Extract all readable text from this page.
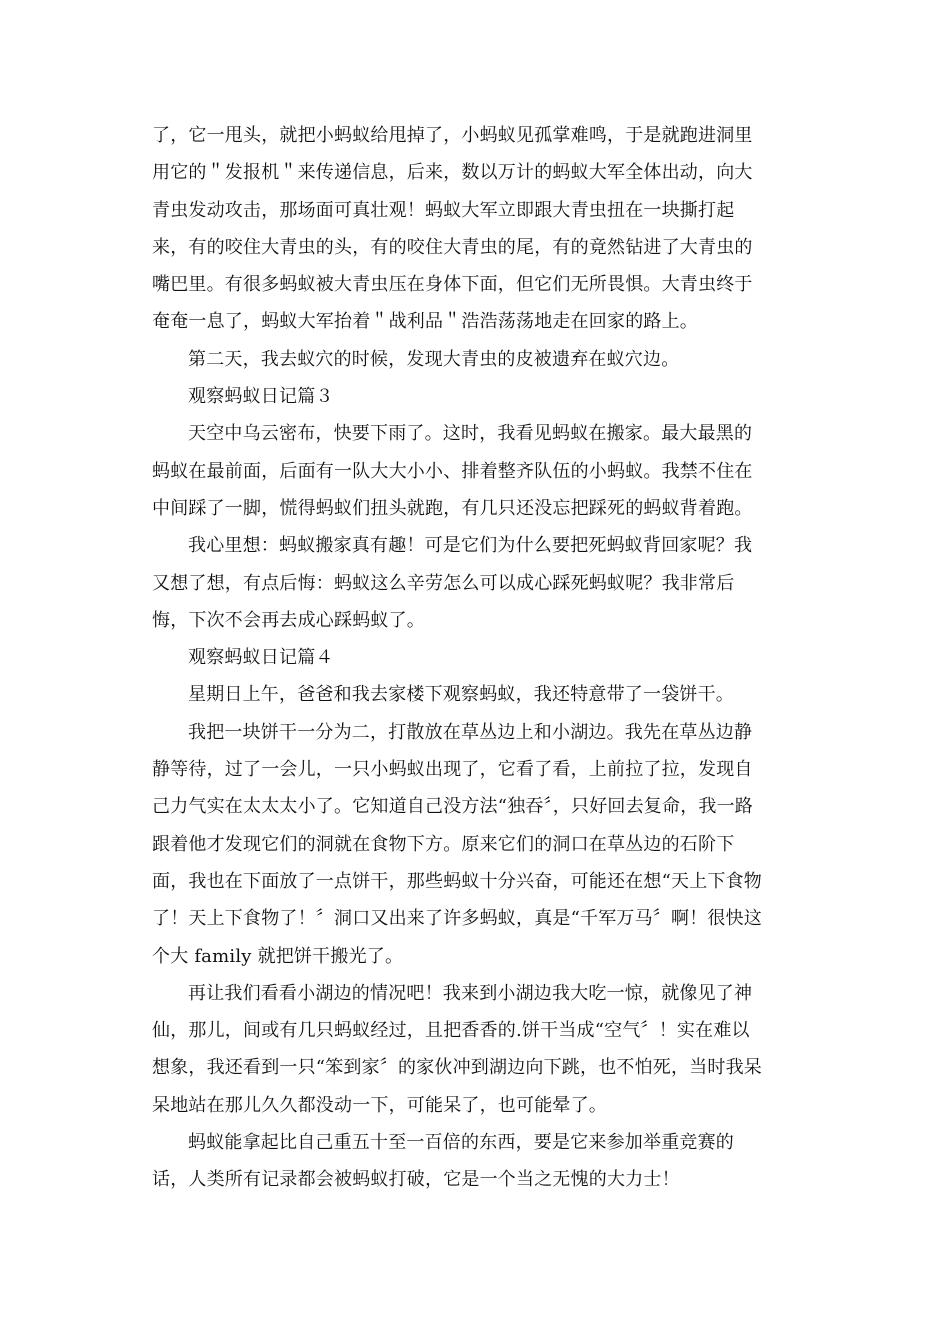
了，它一甩头，就把小蚂蚁给甩掉了，小蚂蚁见孤掌难鸣，于是就跑进洞里
用它的＂发报机＂来传递信息，后来，数以万计的蚂蚁大军全体出动，向大
青虫发动攻击，那场面可真壮观！蚂蚁大军立即跟大青虫扭在一块撕打起
来，有的咬住大青虫的头，有的咬住大青虫的尾，有的竟然钻进了大青虫的
嘴巴里。有很多蚂蚁被大青虫压在身体下面，但它们无所畏惧。大青虫终于
奄奄一息了，蚂蚁大军抬着＂战利品＂浩浩荡荡地走在回家的路上。
第二天，我去蚁穴的时候，发现大青虫的皮被遗弃在蚁穴边。
观察蚂蚁日记篇３
天空中乌云密布，快要下雨了。这时，我看见蚂蚁在搬家。最大最黑的
蚂蚁在最前面，后面有一队大大小小、排着整齐队伍的小蚂蚁。我禁不住在
中间踩了一脚，慌得蚂蚁们扭头就跑，有几只还没忘把踩死的蚂蚁背着跑。
我心里想：蚂蚁搬家真有趣！可是它们为什么要把死蚂蚁背回家呢？我
又想了想，有点后悔：蚂蚁这么辛劳怎么可以成心踩死蚂蚁呢？我非常后
悔，下次不会再去成心踩蚂蚁了。
观察蚂蚁日记篇４
星期日上午，爸爸和我去家楼下观察蚂蚁，我还特意带了一袋饼干。
我把一块饼干一分为二，打散放在草丛边上和小湖边。我先在草丛边静
静等待，过了一会儿，一只小蚂蚁出现了，它看了看，上前拉了拉，发现自
己力气实在太太太小了。它知道自己没方法“独吞〞，只好回去复命，我一路
跟着他才发现它们的洞就在食物下方。原来它们的洞口在草丛边的石阶下
面，我也在下面放了一点饼干，那些蚂蚁十分兴奋，可能还在想“天上下食物
了！天上下食物了！〞洞口又出来了许多蚂蚁，真是“千军万马〞啊！很快这
个大 family 就把饼干搬光了。
再让我们看看小湖边的情况吧！我来到小湖边我大吃一惊，就像见了神
仙，那儿，间或有几只蚂蚁经过，且把香香的.饼干当成“空气〞！实在难以
想象，我还看到一只“笨到家〞的家伙冲到湖边向下跳，也不怕死，当时我呆
呆地站在那儿久久都没动一下，可能呆了，也可能晕了。
蚂蚁能拿起比自己重五十至一百倍的东西，要是它来参加举重竞赛的
话，人类所有记录都会被蚂蚁打破，它是一个当之无愧的大力士！
